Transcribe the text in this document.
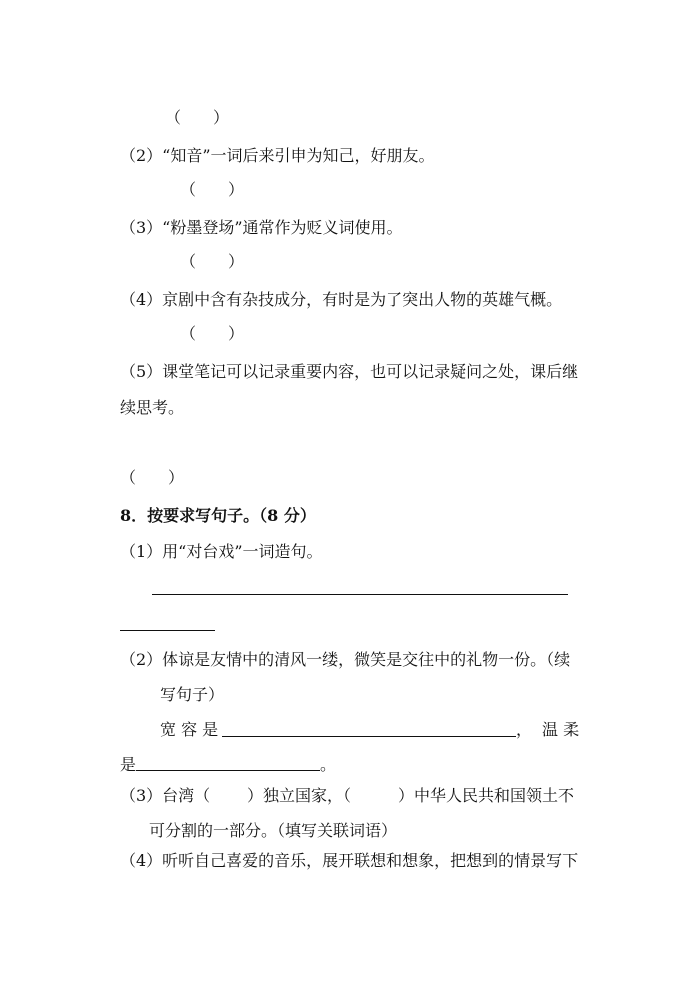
（　　）
（2）“知音”一词后来引申为知己，好朋友。
（　　）
（3）“粉墨登场”通常作为贬义词使用。
（　　）
（4）京剧中含有杂技成分，有时是为了突出人物的英雄气概。
（　　）
（5）课堂笔记可以记录重要内容，也可以记录疑问之处，课后继
续思考。
（　　）
8．按要求写句子。（8 分）
（1）用“对台戏”一词造句。
（2）体谅是友情中的清风一缕，微笑是交往中的礼物一份。（续
写句子）
宽 容 是	， 温 柔
是	。
（3）台湾（ ）独立国家，（	）中华人民共和国领土不
可分割的一部分。（填写关联词语）
（4）听听自己喜爱的音乐，展开联想和想象，把想到的情景写下
